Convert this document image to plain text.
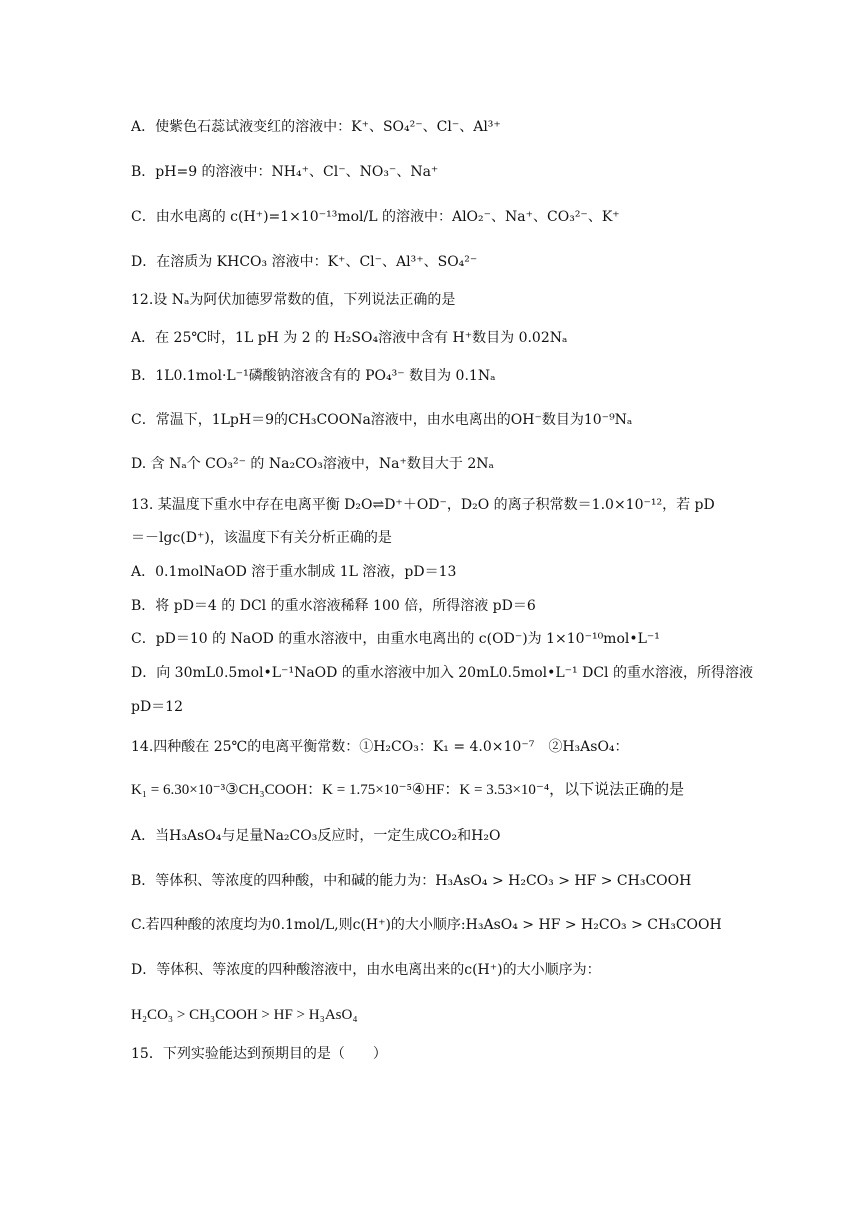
A．使紫色石蕊试液变红的溶液中：K⁺、SO₄²⁻、Cl⁻、Al³⁺
B．pH=9 的溶液中：NH₄⁺、Cl⁻、NO₃⁻、Na⁺
C．由水电离的 c(H⁺)=1×10⁻¹³mol/L 的溶液中：AlO₂⁻、Na⁺、CO₃²⁻、K⁺
D．在溶质为 KHCO₃ 溶液中：K⁺、Cl⁻、Al³⁺、SO₄²⁻
12.设 Nₐ为阿伏加德罗常数的值，下列说法正确的是
A．在 25℃时，1L pH 为 2 的 H₂SO₄溶液中含有 H⁺数目为 0.02Nₐ
B．1L0.1mol·L⁻¹磷酸钠溶液含有的 PO₄³⁻ 数目为 0.1Nₐ
C．常温下，1LpH＝9的CH₃COONa溶液中，由水电离出的OH⁻数目为10⁻⁹Nₐ
D. 含 Nₐ个 CO₃²⁻ 的 Na₂CO₃溶液中，Na⁺数目大于 2Nₐ
13. 某温度下重水中存在电离平衡 D₂O⇌D⁺＋OD⁻，D₂O 的离子积常数＝1.0×10⁻¹²，若 pD
＝－lgc(D⁺)，该温度下有关分析正确的是
A．0.1molNaOD 溶于重水制成 1L 溶液，pD＝13
B．将 pD＝4 的 DCl 的重水溶液稀释 100 倍，所得溶液 pD＝6
C．pD＝10 的 NaOD 的重水溶液中，由重水电离出的 c(OD⁻)为 1×10⁻¹⁰mol•L⁻¹
D．向 30mL0.5mol•L⁻¹NaOD 的重水溶液中加入 20mL0.5mol•L⁻¹ DCl 的重水溶液，所得溶液
pD＝12
14.四种酸在 25℃的电离平衡常数：①H₂CO₃：K₁ = 4.0×10⁻⁷　②H₃AsO₄：
K₁ = 6.30×10⁻³③CH₃COOH：K = 1.75×10⁻⁵④HF：K = 3.53×10⁻⁴，以下说法正确的是
A．当H₃AsO₄与足量Na₂CO₃反应时，一定生成CO₂和H₂O
B．等体积、等浓度的四种酸，中和碱的能力为：H₃AsO₄ > H₂CO₃ > HF > CH₃COOH
C.若四种酸的浓度均为0.1mol/L,则c(H⁺)的大小顺序:H₃AsO₄ > HF > H₂CO₃ > CH₃COOH
D．等体积、等浓度的四种酸溶液中，由水电离出来的c(H⁺)的大小顺序为：
H₂CO₃ > CH₃COOH > HF > H₃AsO₄
15．下列实验能达到预期目的是（　　）
